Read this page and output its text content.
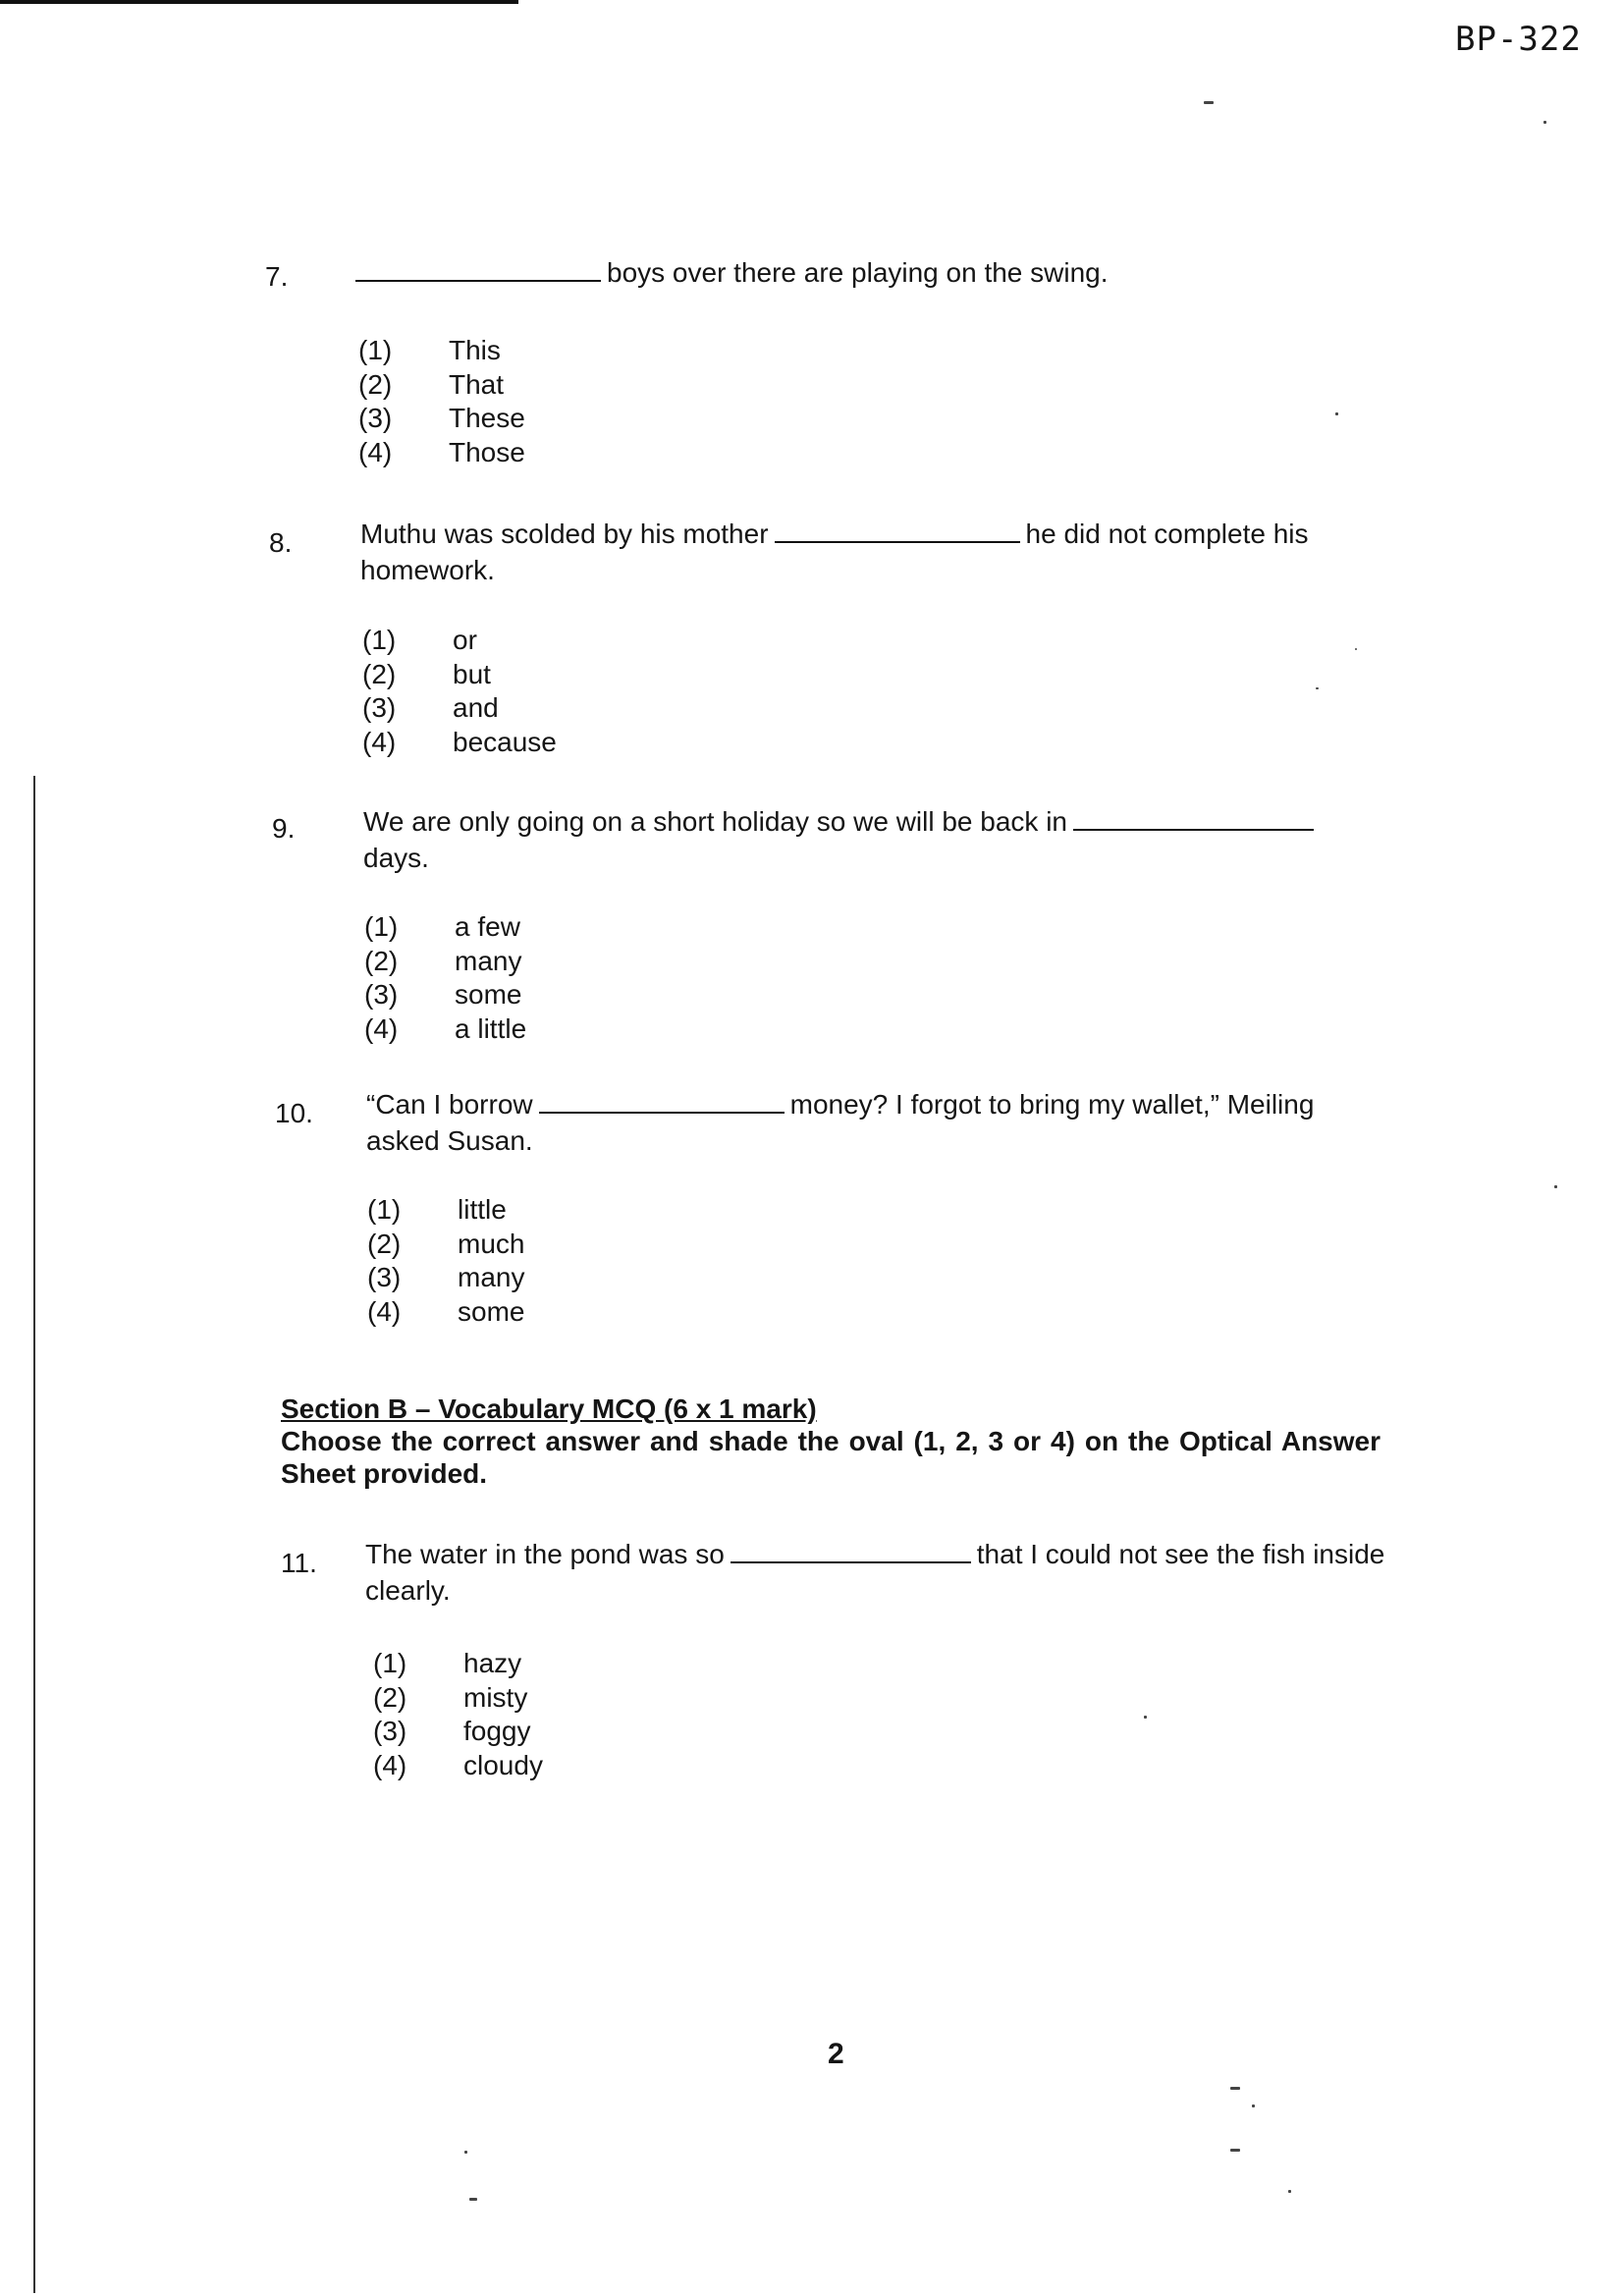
BP-322
7.	boys over there are playing on the swing.
(1) This
(2) That
(3) These
(4) Those
8. Muthu was scolded by his mother	he did not complete his homework.
(1) or
(2) but
(3) and
(4) because
9. We are only going on a short holiday so we will be back indays.
(1) a few
(2) many
(3) some
(4) a little
10. “Can I borrow	money? I forgot to bring my wallet,” Meiling asked Susan.
(1) little
(2) much
(3) many
(4) some
Section B – Vocabulary MCQ (6 x 1 mark)
Choose the correct answer and shade the oval (1, 2, 3 or 4) on the Optical Answer Sheet provided.
11. The water in the pond was so	that I could not see the fish inside clearly.
(1) hazy
(2) misty
(3) foggy
(4) cloudy
2
